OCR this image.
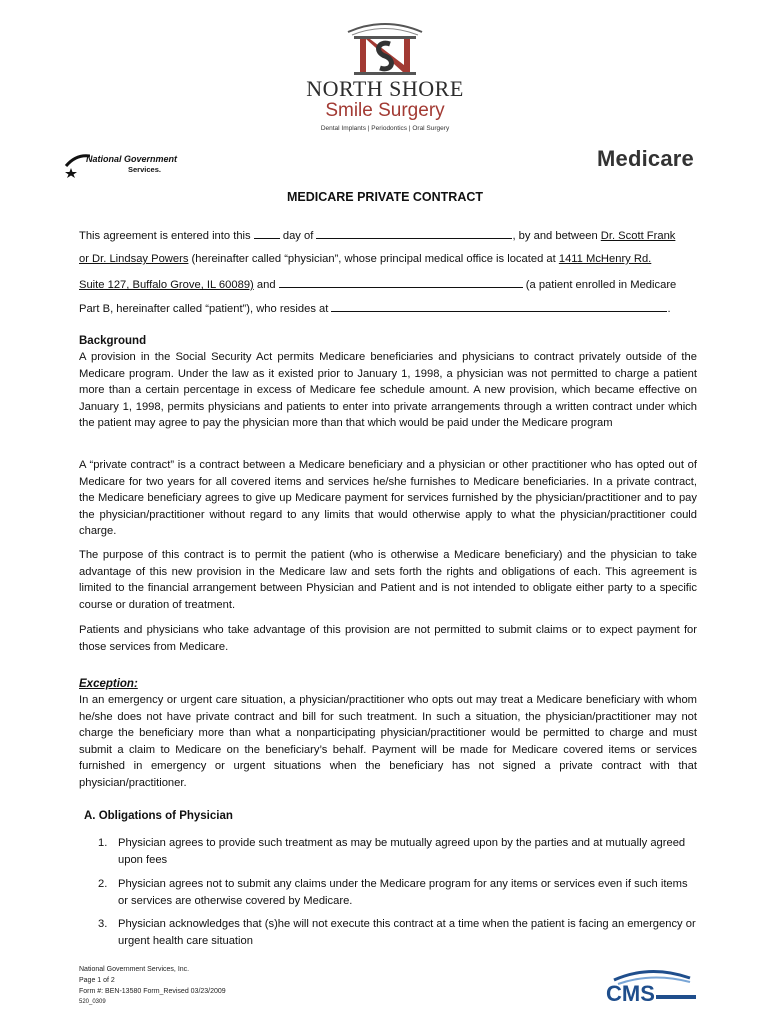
NORTH SHORE
Smile Surgery
Dental Implants | Periodontics | Oral Surgery
National Government
Services.	Medicare
MEDICARE PRIVATE CONTRACT
This agreement is entered into this	day of	, by and between Dr. Scott Frank
or Dr. Lindsay Powers (hereinafter called “physician”, whose principal medical office is located at 1411 McHenry Rd.
Suite 127, Buffalo Grove, IL 60089) and	(a patient enrolled in Medicare
Part B, hereinafter called “patient”), who resides at	.
Background
A provision in the Social Security Act permits Medicare beneficiaries and physicians to contract privately outside of the Medicare program. Under the law as it existed prior to January 1, 1998, a physician was not permitted to charge a patient more than a certain percentage in excess of Medicare fee schedule amount. A new provision, which became effective on January 1, 1998, permits physicians and patients to enter into private arrangements through a written contract under which the patient may agree to pay the physician more than that which would be paid under the Medicare program
A “private contract” is a contract between a Medicare beneficiary and a physician or other practitioner who has opted out of Medicare for two years for all covered items and services he/she furnishes to Medicare beneficiaries. In a private contract, the Medicare beneficiary agrees to give up Medicare payment for services furnished by the physician/practitioner and to pay the physician/practitioner without regard to any limits that would otherwise apply to what the physician/practitioner could charge.
The purpose of this contract is to permit the patient (who is otherwise a Medicare beneficiary) and the physician to take advantage of this new provision in the Medicare law and sets forth the rights and obligations of each. This agreement is limited to the financial arrangement between Physician and Patient and is not intended to obligate either party to a specific course or duration of treatment.
Patients and physicians who take advantage of this provision are not permitted to submit claims or to expect payment for those services from Medicare.
Exception:
In an emergency or urgent care situation, a physician/practitioner who opts out may treat a Medicare beneficiary with whom he/she does not have private contract and bill for such treatment. In such a situation, the physician/practitioner may not charge the beneficiary more than what a nonparticipating physician/practitioner would be permitted to charge and must submit a claim to Medicare on the beneficiary’s behalf. Payment will be made for Medicare covered items or services furnished in emergency or urgent situations when the beneficiary has not signed a private contract with that physician/practitioner.
A. Obligations of Physician
1. Physician agrees to provide such treatment as may be mutually agreed upon by the parties and at mutually agreed upon fees
2. Physician agrees not to submit any claims under the Medicare program for any items or services even if such items or services are otherwise covered by Medicare.
3. Physician acknowledges that (s)he will not execute this contract at a time when the patient is facing an emergency or urgent health care situation
National Government Services, Inc.
Page 1 of 2
Form #: BEN-13580 Form_Revised 03/23/2009
520_0309	CMS
